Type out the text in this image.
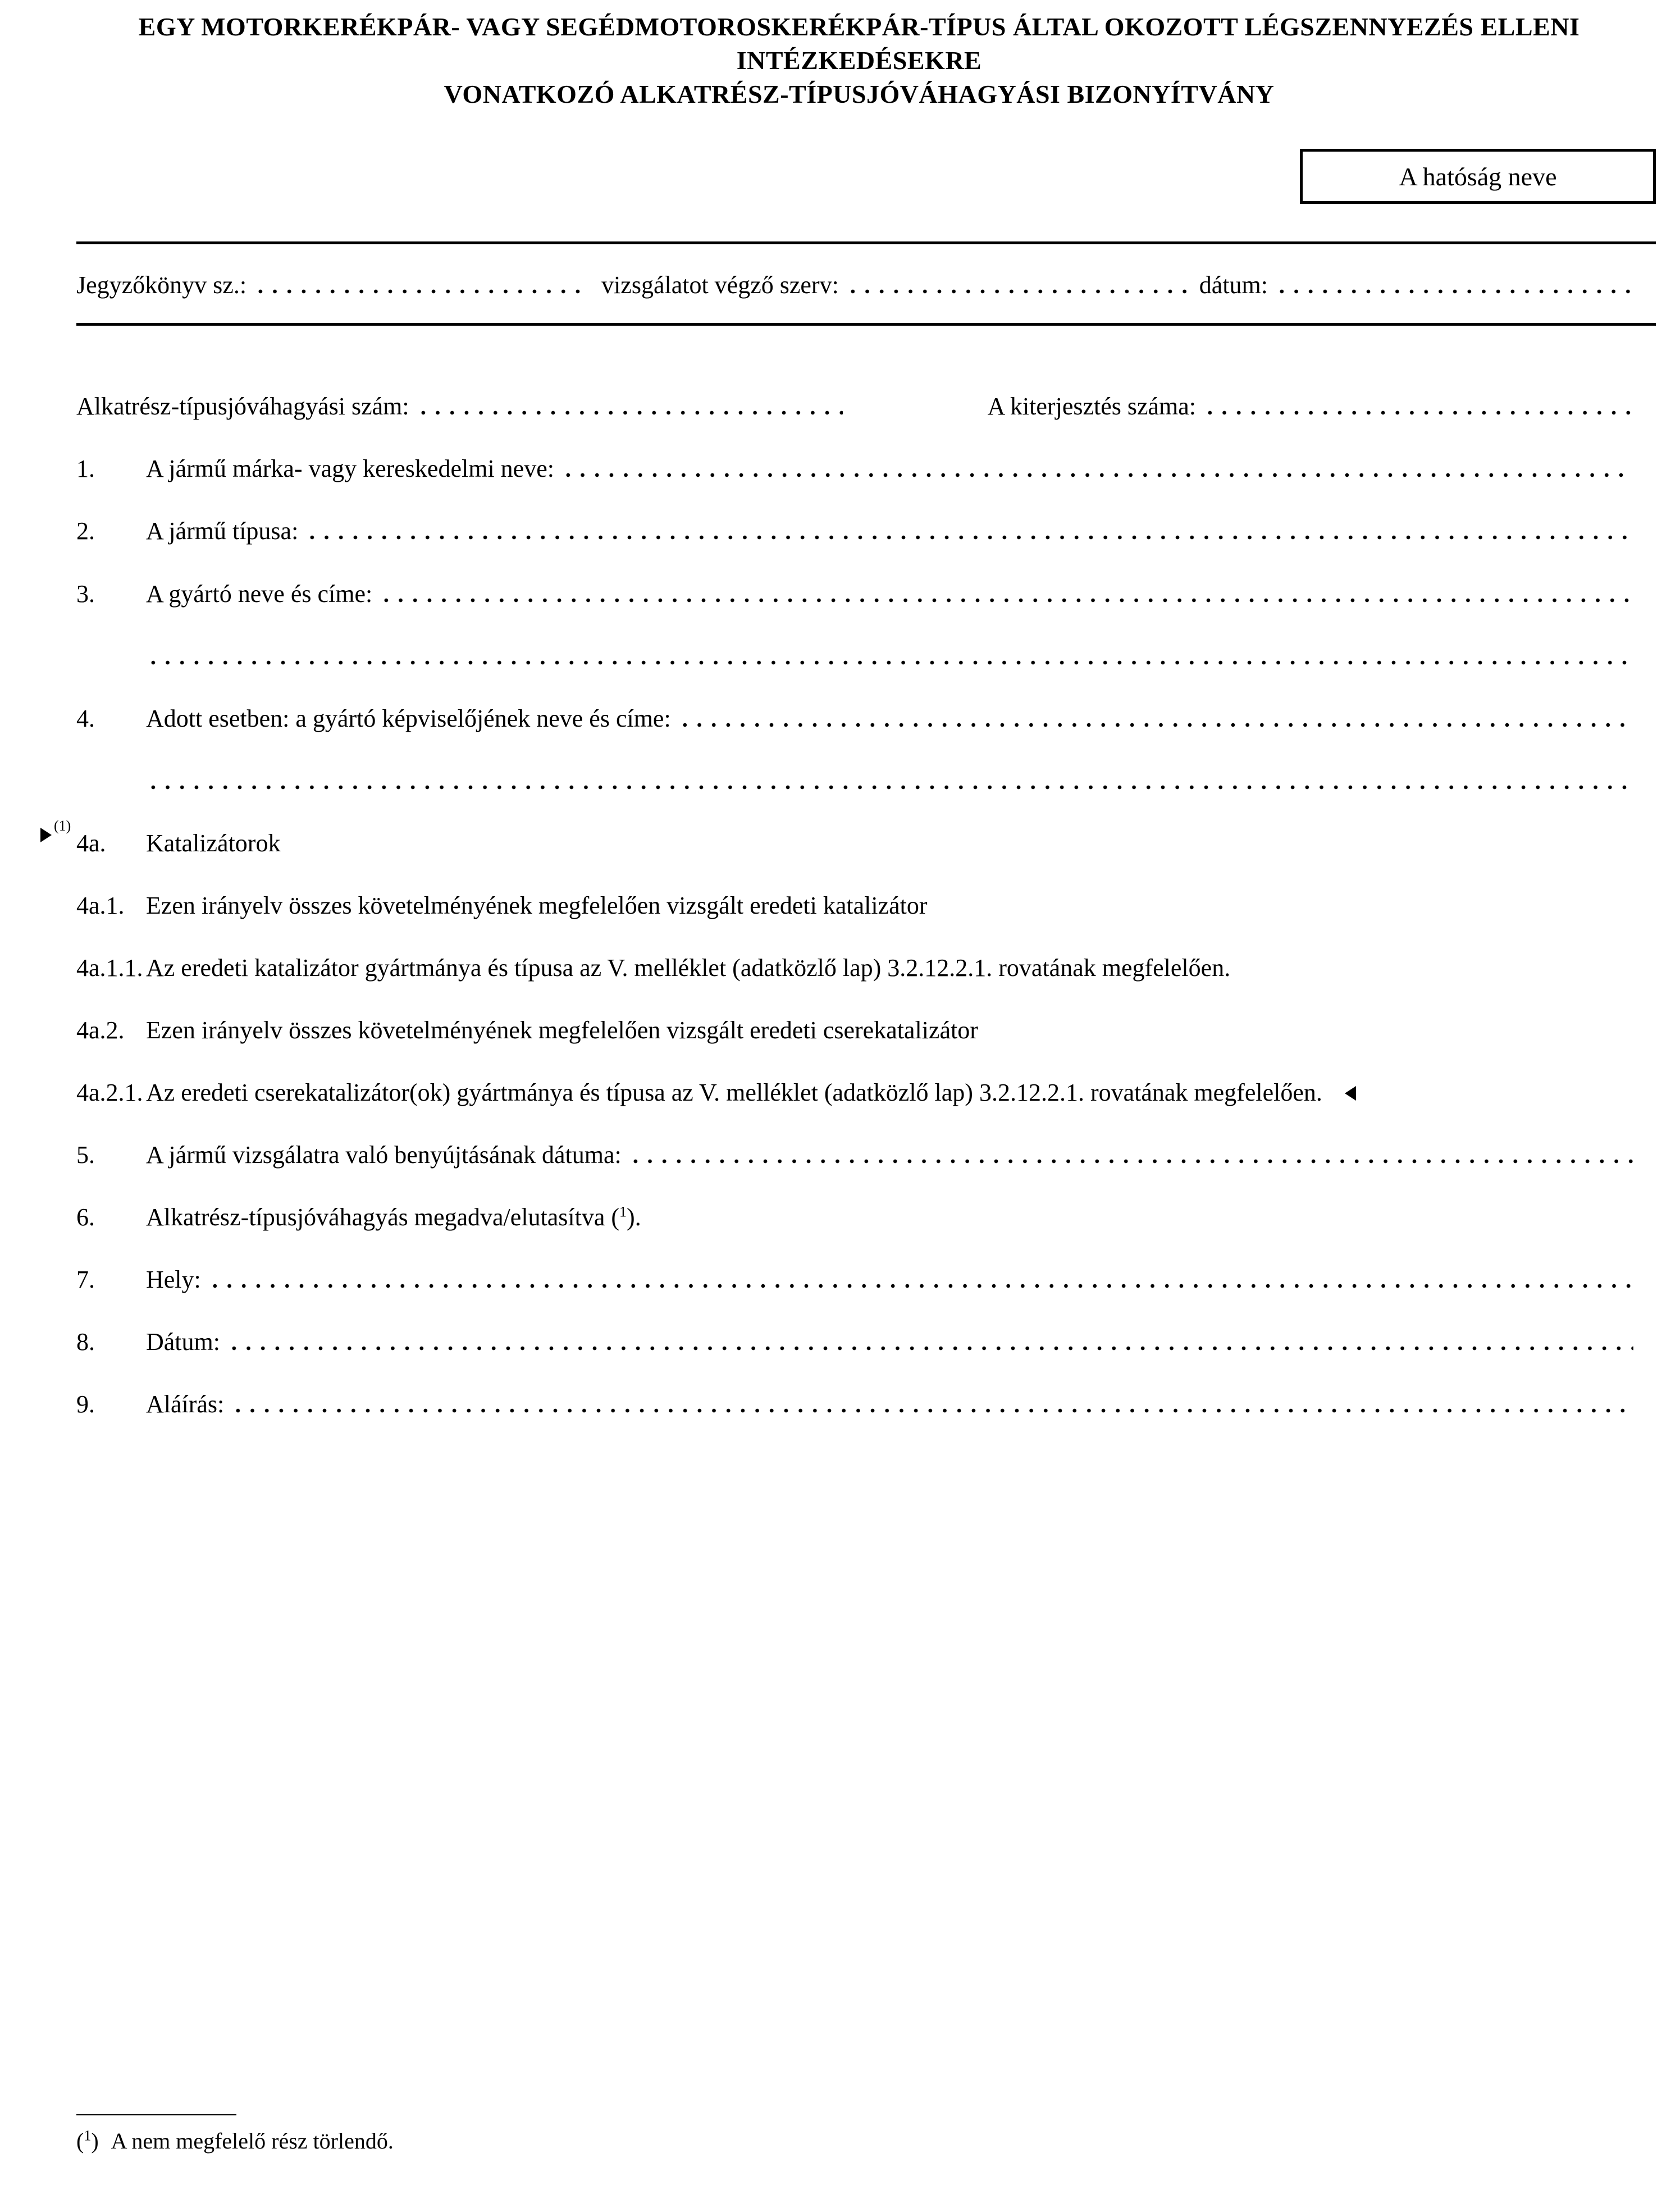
EGY MOTORKERÉKPÁR- VAGY SEGÉDMOTOROSKERÉKPÁR-TÍPUS ÁLTAL OKOZOTT LÉGSZENNYEZÉS ELLENI INTÉZKEDÉSEKRE
VONATKOZÓ ALKATRÉSZ-TÍPUSJÓVÁHAGYÁSI BIZONYÍTVÁNY
A hatóság neve
Jegyzőkönyv sz.:	vizsgálatot végző szerv:	dátum:
Alkatrész-típusjóváhagyási szám:	A kiterjesztés száma:
1.	A jármű márka- vagy kereskedelmi neve:
2.	A jármű típusa:
3.	A gyártó neve és címe:
4.	Adott esetben: a gyártó képviselőjének neve és címe:
(1)
4a.	Katalizátorok
4a.1. Ezen irányelv összes követelményének megfelelően vizsgált eredeti katalizátor
4a.1.1. Az eredeti katalizátor gyártmánya és típusa az V. melléklet (adatközlő lap) 3.2.12.2.1. rovatának megfelelően.
4a.2. Ezen irányelv összes követelményének megfelelően vizsgált eredeti cserekatalizátor
4a.2.1. Az eredeti cserekatalizátor(ok) gyártmánya és típusa az V. melléklet (adatközlő lap) 3.2.12.2.1. rovatának megfelelően.
5.	A jármű vizsgálatra való benyújtásának dátuma:
6.	Alkatrész-típusjóváhagyás megadva/elutasítva ($^1$).
7.	Hely:
8.	Dátum:
9.	Aláírás:
($^1$) A nem megfelelő rész törlendő.
